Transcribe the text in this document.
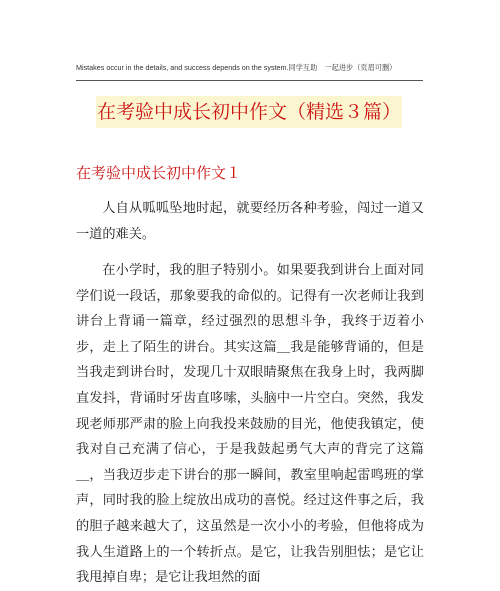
Mistakes occur in the details, and success depends on the system.同学互助　一起进步（页眉可删）
在考验中成长初中作文（精选３篇）
在考验中成长初中作文１

人自从呱呱坠地时起，就要经历各种考验，闯过一道又一道的难关。

在小学时，我的胆子特别小。如果要我到讲台上面对同学们说一段话，那象要我的命似的。记得有一次老师让我到讲台上背诵一篇章，经过强烈的思想斗争，我终于迈着小步，走上了陌生的讲台。其实这篇＿我是能够背诵的，但是当我走到讲台时，发现几十双眼睛聚焦在我身上时，我两脚直发抖，背诵时牙齿直哆嗦，头脑中一片空白。突然，我发现老师那严肃的脸上向我投来鼓励的目光，他使我镇定，使我对自己充满了信心，于是我鼓起勇气大声的背完了这篇＿，当我迈步走下讲台的那一瞬间，教室里响起雷鸣班的掌声，同时我的脸上绽放出成功的喜悦。经过这件事之后，我的胆子越来越大了，这虽然是一次小小的考验，但他将成为我人生道路上的一个转折点。是它，让我告别胆怯；是它让我甩掉自卑；是它让我坦然的面
